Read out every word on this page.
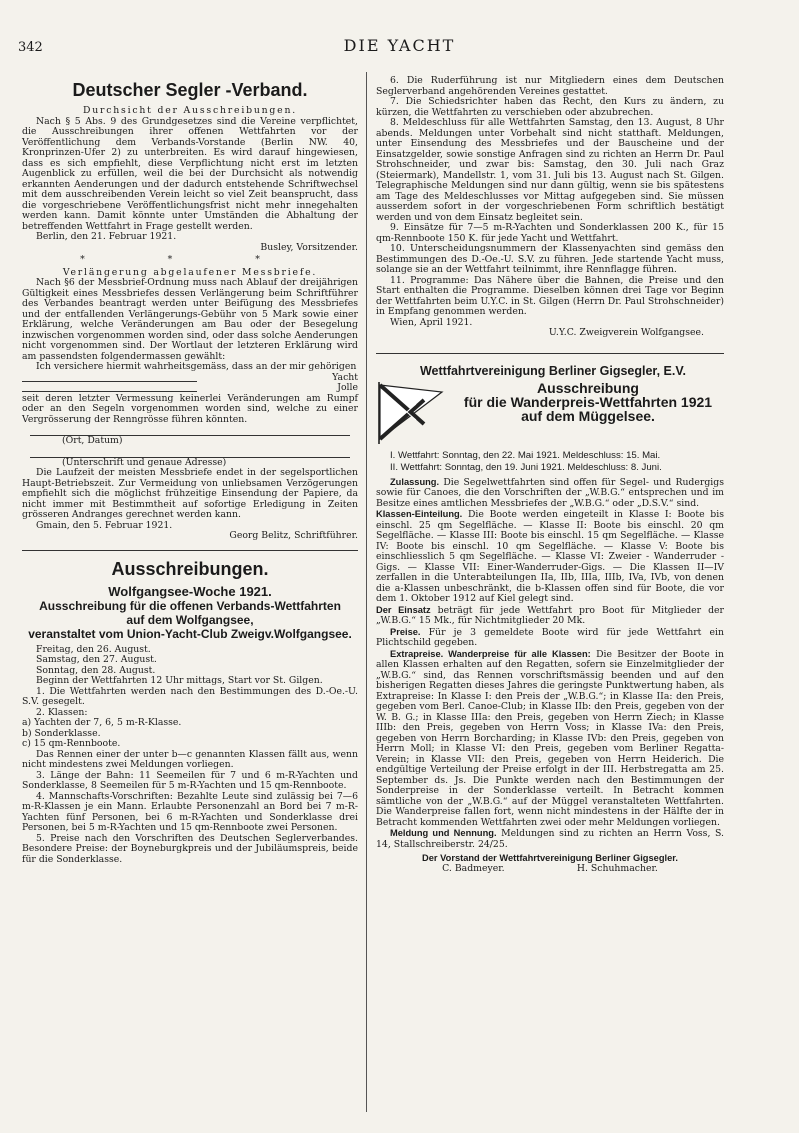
342	DIE YACHT
Deutscher Segler -Verband.

Durchsicht der Ausschreibungen.

Nach § 5 Abs. 9 des Grundgesetzes sind die Vereine verpflichtet, die Ausschreibungen ihrer offenen Wettfahrten vor der Veröffentlichung dem Verbands-Vorstande (Berlin NW. 40, Kronprinzen-Ufer 2) zu unterbreiten. Es wird darauf hingewiesen, dass es sich empfiehlt, diese Verpflichtung nicht erst im letzten Augenblick zu erfüllen, weil die bei der Durchsicht als notwendig erkannten Aenderungen und der dadurch entstehende Schriftwechsel mit dem ausschreibenden Verein leicht so viel Zeit beansprucht, dass die vorgeschriebene Veröffentlichungsfrist nicht mehr innegehalten werden kann. Damit könnte unter Umständen die Abhaltung der betreffenden Wettfahrt in Frage gestellt werden.

Berlin, den 21. Februar 1921.

Busley, Vorsitzender.

* * *

Verlängerung abgelaufener Messbriefe.

Nach §6 der Messbrief-Ordnung muss nach Ablauf der dreijährigen Gültigkeit eines Messbriefes dessen Verlängerung beim Schriftführer des Verbandes beantragt werden unter Beifügung des Messbriefes und der entfallenden Verlängerungs-Gebühr von 5 Mark sowie einer Erklärung, welche Veränderungen am Bau oder der Besegelung inzwischen vorgenommen worden sind, oder dass solche Aenderungen nicht vorgenommen sind. Der Wortlaut der letzteren Erklärung wird am passendsten folgendermassen gewählt:

Ich versichere hiermit wahrheitsgemäss, dass an der mir gehörigen

Yacht
Jolle

seit deren letzter Vermessung keinerlei Veränderungen am Rumpf oder an den Segeln vorgenommen worden sind, welche zu einer Vergrösserung der Renngrösse führen könnten.

(Ort, Datum)

(Unterschrift und genaue Adresse)

Die Laufzeit der meisten Messbriefe endet in der segelsportlichen Haupt-Betriebszeit. Zur Vermeidung von unliebsamen Verzögerungen empfiehlt sich die möglichst frühzeitige Einsendung der Papiere, da nicht immer mit Bestimmtheit auf sofortige Erledigung in Zeiten grösseren Andranges gerechnet werden kann.

Gmain, den 5. Februar 1921.

Georg Belitz, Schriftführer.

Ausschreibungen.
Wolfgangsee-Woche 1921.
Ausschreibung für die offenen Verbands-Wettfahrten
auf dem Wolfgangsee,
veranstaltet vom Union-Yacht-Club Zweigv.Wolfgangsee.

Freitag, den 26. August.

Samstag, den 27. August.

Sonntag, den 28. August.

Beginn der Wettfahrten 12 Uhr mittags, Start vor St. Gilgen.

1. Die Wettfahrten werden nach den Bestimmungen des D.-Oe.-U. S.V. gesegelt.

2. Klassen:

a) Yachten der 7, 6, 5 m-R-Klasse.

b) Sonderklasse.

c) 15 qm-Rennboote.

Das Rennen einer der unter b—c genannten Klassen fällt aus, wenn nicht mindestens zwei Meldungen vorliegen.

3. Länge der Bahn: 11 Seemeilen für 7 und 6 m-R-Yachten und Sonderklasse, 8 Seemeilen für 5 m-R-Yachten und 15 qm-Rennboote.

4. Mannschafts-Vorschriften: Bezahlte Leute sind zulässig bei 7—6 m-R-Klassen je ein Mann. Erlaubte Personenzahl an Bord bei 7 m-R-Yachten fünf Personen, bei 6 m-R-Yachten und Sonderklasse drei Personen, bei 5 m-R-Yachten und 15 qm-Rennboote zwei Personen.

5. Preise nach den Vorschriften des Deutschen Seglerverbandes. Besondere Preise: der Boyneburgkpreis und der Jubiläumspreis, beide für die Sonderklasse.

6. Die Ruderführung ist nur Mitgliedern eines dem Deutschen Seglerverband angehörenden Vereines gestattet.

7. Die Schiedsrichter haben das Recht, den Kurs zu ändern, zu kürzen, die Wettfahrten zu verschieben oder abzubrechen.

8. Meldeschluss für alle Wettfahrten Samstag, den 13. August, 8 Uhr abends. Meldungen unter Vorbehalt sind nicht statthaft. Meldungen, unter Einsendung des Messbriefes und der Bauscheine und der Einsatzgelder, sowie sonstige Anfragen sind zu richten an Herrn Dr. Paul Strohschneider, und zwar bis: Samstag, den 30. Juli nach Graz (Steiermark), Mandellstr. 1, vom 31. Juli bis 13. August nach St. Gilgen. Telegraphische Meldungen sind nur dann gültig, wenn sie bis spätestens am Tage des Meldeschlusses vor Mittag aufgegeben sind. Sie müssen ausserdem sofort in der vorgeschriebenen Form schriftlich bestätigt werden und von dem Einsatz begleitet sein.

9. Einsätze für 7—5 m-R-Yachten und Sonderklassen 200 K., für 15 qm-Rennboote 150 K. für jede Yacht und Wettfahrt.

10. Unterscheidungsnummern der Klassenyachten sind gemäss den Bestimmungen des D.-Oe.-U. S.V. zu führen. Jede startende Yacht muss, solange sie an der Wettfahrt teilnimmt, ihre Rennflagge führen.

11. Programme: Das Nähere über die Bahnen, die Preise und den Start enthalten die Programme. Dieselben können drei Tage vor Beginn der Wettfahrten beim U.Y.C. in St. Gilgen (Herrn Dr. Paul Strohschneider) in Empfang genommen werden.

Wien, April 1921.

U.Y.C. Zweigverein Wolfgangsee.

Wettfahrtvereinigung Berliner Gigsegler, E.V.
Ausschreibung
für die Wanderpreis-Wettfahrten 1921
auf dem Müggelsee.

I. Wettfahrt: Sonntag, den 22. Mai 1921. Meldeschluss: 15. Mai.

II. Wettfahrt: Sonntag, den 19. Juni 1921. Meldeschluss: 8. Juni.

Zulassung. Die Segelwettfahrten sind offen für Segel- und Rudergigs sowie für Canoes, die den Vorschriften der „W.B.G.“ entsprechen und im Besitze eines amtlichen Messbriefes der „W.B.G.“ oder „D.S.V.“ sind.

Klassen-Einteilung. Die Boote werden eingeteilt in Klasse I: Boote bis einschl. 25 qm Segelfläche. — Klasse II: Boote bis einschl. 20 qm Segelfläche. — Klasse III: Boote bis einschl. 15 qm Segelfläche. — Klasse IV: Boote bis einschl. 10 qm Segelfläche. — Klasse V: Boote bis einschliesslich 5 qm Segelfläche. — Klasse VI: Zweier - Wanderruder - Gigs. — Klasse VII: Einer-Wanderruder-Gigs. — Die Klassen II—IV zerfallen in die Unterabteilungen IIa, IIb, IIIa, IIIb, IVa, IVb, von denen die a-Klassen unbeschränkt, die b-Klassen offen sind für Boote, die vor dem 1. Oktober 1912 auf Kiel gelegt sind.

Der Einsatz beträgt für jede Wettfahrt pro Boot für Mitglieder der „W.B.G.“ 15 Mk., für Nichtmitglieder 20 Mk.

Preise. Für je 3 gemeldete Boote wird für jede Wettfahrt ein Plichtschild gegeben.

Extrapreise. Wanderpreise für alle Klassen: Die Besitzer der Boote in allen Klassen erhalten auf den Regatten, sofern sie Einzelmitglieder der „W.B.G.“ sind, das Rennen vorschriftsmässig beenden und auf den bisherigen Regatten dieses Jahres die geringste Punktwertung haben, als Extrapreise: In Klasse I: den Preis der „W.B.G.“; in Klasse IIa: den Preis, gegeben vom Berl. Canoe-Club; in Klasse IIb: den Preis, gegeben von der W. B. G.; in Klasse IIIa: den Preis, gegeben von Herrn Ziech; in Klasse IIIb: den Preis, gegeben von Herrn Voss; in Klasse IVa: den Preis, gegeben von Herrn Borcharding; in Klasse IVb: den Preis, gegeben von Herrn Moll; in Klasse VI: den Preis, gegeben vom Berliner Regatta-Verein; in Klasse VII: den Preis, gegeben von Herrn Heiderich. Die endgültige Verteilung der Preise erfolgt in der III. Herbstregatta am 25. September ds. Js. Die Punkte werden nach den Bestimmungen der Sonderpreise in der Sonderklasse verteilt. In Betracht kommen sämtliche von der „W.B.G.“ auf der Müggel veranstalteten Wettfahrten. Die Wanderpreise fallen fort, wenn nicht mindestens in der Hälfte der in Betracht kommenden Wettfahrten zwei oder mehr Meldungen vorliegen.

Meldung und Nennung. Meldungen sind zu richten an Herrn Voss, S. 14, Stallschreiberstr. 24/25.

Der Vorstand der Wettfahrtvereinigung Berliner Gigsegler.

C. Badmeyer.	H. Schuhmacher.
